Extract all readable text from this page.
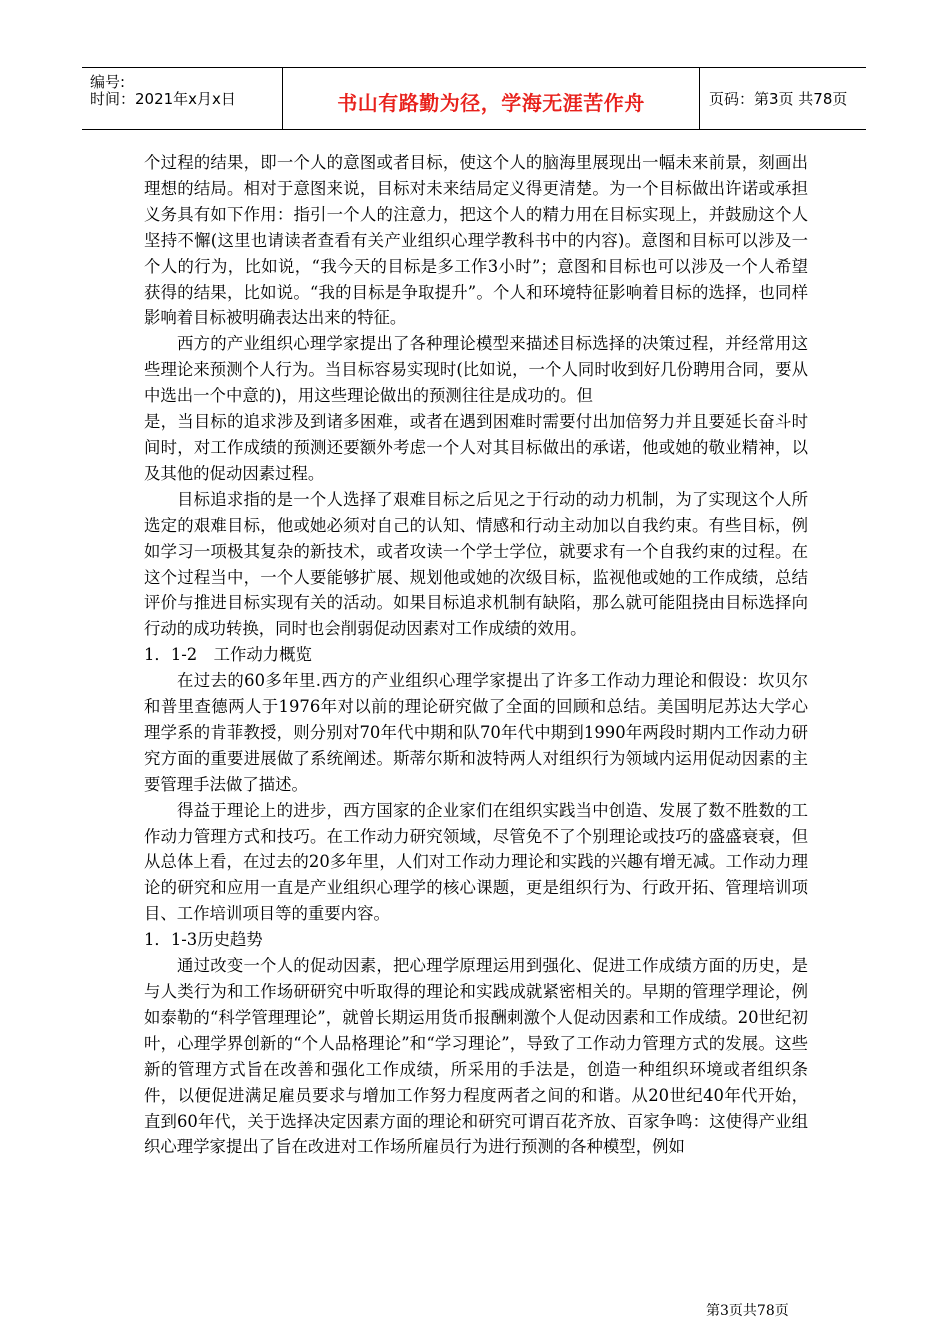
编号:
时间：2021年x月x日	书山有路勤为径，学海无涯苦作舟	页码：第3页 共78页

个过程的结果，即一个人的意图或者目标，使这个人的脑海里展现出一幅未来前景，刻画出理想的结局。相对于意图来说，目标对未来结局定义得更清楚。为一个目标做出许诺或承担义务具有如下作用：指引一个人的注意力，把这个人的精力用在目标实现上，并鼓励这个人坚持不懈(这里也请读者查看有关产业组织心理学教科书中的内容)。意图和目标可以涉及一个人的行为，比如说，“我今天的目标是多工作3小时”；意图和目标也可以涉及一个人希望获得的结果，比如说。“我的目标是争取提升”。个人和环境特征影响着目标的选择，也同样影响着目标被明确表达出来的特征。

西方的产业组织心理学家提出了各种理论模型来描述目标选择的决策过程，并经常用这些理论来预测个人行为。当目标容易实现时(比如说，一个人同时收到好几份聘用合同，要从中选出一个中意的)，用这些理论做出的预测往往是成功的。但

是，当目标的追求涉及到诸多困难，或者在遇到困难时需要付出加倍努力并且要延长奋斗时间时，对工作成绩的预测还要额外考虑一个人对其目标做出的承诺，他或她的敬业精神，以及其他的促动因素过程。

目标追求指的是一个人选择了艰难目标之后见之于行动的动力机制，为了实现这个人所选定的艰难目标，他或她必须对自己的认知、情感和行动主动加以自我约束。有些目标，例如学习一项极其复杂的新技术，或者攻读一个学士学位，就要求有一个自我约束的过程。在这个过程当中，一个人要能够扩展、规划他或她的次级目标，监视他或她的工作成绩，总结评价与推进目标实现有关的活动。如果目标追求机制有缺陷，那么就可能阻挠由目标选择向行动的成功转换，同时也会削弱促动因素对工作成绩的效用。

1．1-2　工作动力概览

在过去的60多年里.西方的产业组织心理学家提出了许多工作动力理论和假设：坎贝尔和普里查德两人于1976年对以前的理论研究做了全面的回顾和总结。美国明尼苏达大学心理学系的肯菲教授，则分别对70年代中期和队70年代中期到1990年两段时期内工作动力研究方面的重要进展做了系统阐述。斯蒂尔斯和波特两人对组织行为领域内运用促动因素的主要管理手法做了描述。

得益于理论上的进步，西方国家的企业家们在组织实践当中创造、发展了数不胜数的工作动力管理方式和技巧。在工作动力研究领域，尽管免不了个别理论或技巧的盛盛衰衰，但从总体上看，在过去的20多年里，人们对工作动力理论和实践的兴趣有增无减。工作动力理论的研究和应用一直是产业组织心理学的核心课题，更是组织行为、行政开拓、管理培训项目、工作培训项目等的重要内容。

1．1-3历史趋势

通过改变一个人的促动因素，把心理学原理运用到强化、促进工作成绩方面的历史，是与人类行为和工作场研研究中听取得的理论和实践成就紧密相关的。早期的管理学理论，例如泰勒的“科学管理理论”，就曾长期运用货币报酬刺激个人促动因素和工作成绩。20世纪初叶，心理学界创新的“个人品格理论”和“学习理论”，导致了工作动力管理方式的发展。这些新的管理方式旨在改善和强化工作成绩，所采用的手法是，创造一种组织环境或者组织条件，以便促进满足雇员要求与增加工作努力程度两者之间的和谐。从20世纪40年代开始，直到60年代，关于选择决定因素方面的理论和研究可谓百花齐放、百家争鸣：这使得产业组织心理学家提出了旨在改进对工作场所雇员行为进行预测的各种模型，例如

第3页共78页
